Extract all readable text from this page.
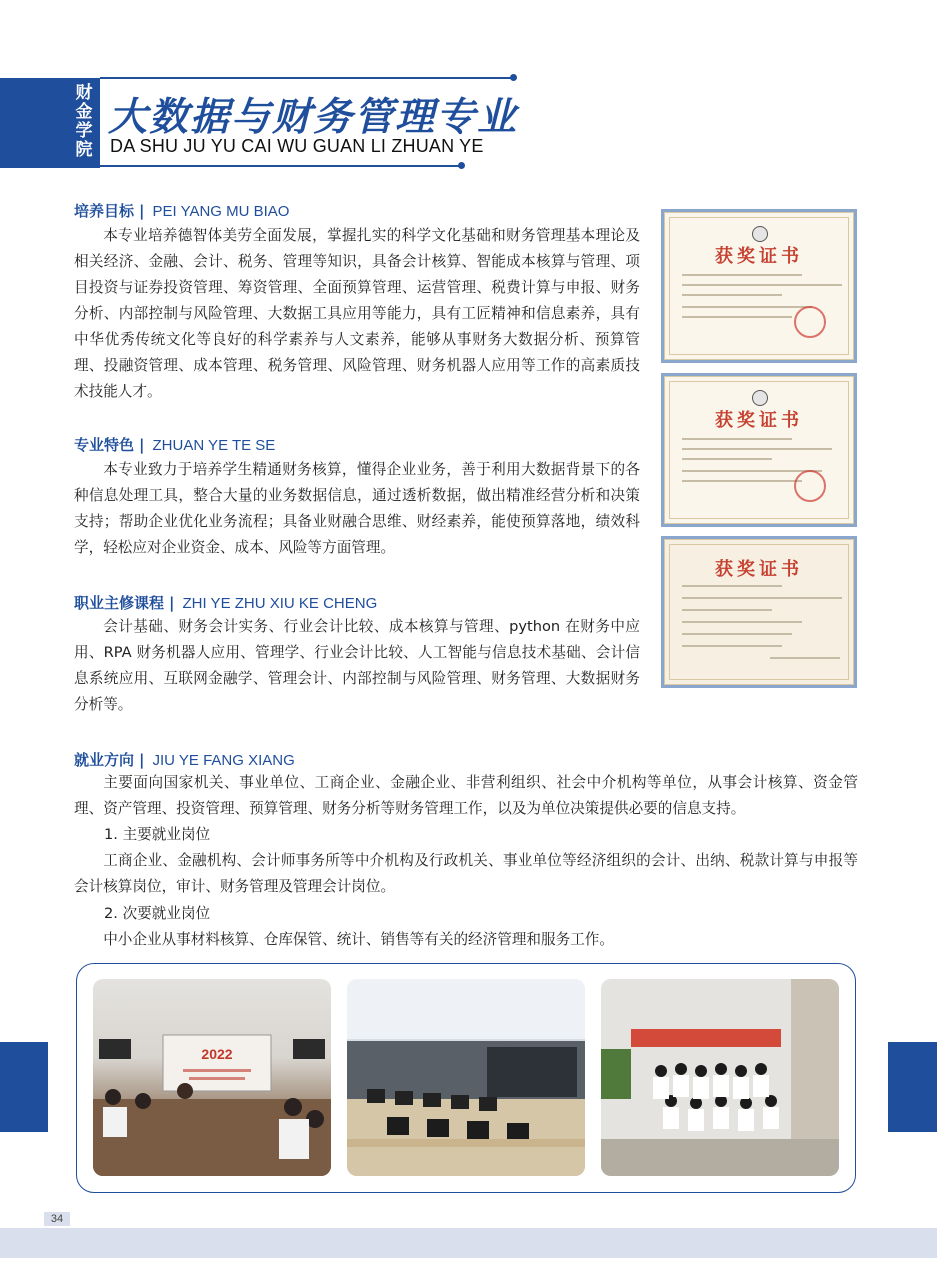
财金学院
大数据与财务管理专业
DA SHU JU YU CAI WU GUAN LI ZHUAN YE
培养目标 | PEI YANG MU BIAO
本专业培养德智体美劳全面发展，掌握扎实的科学文化基础和财务管理基本理论及相关经济、金融、会计、税务、管理等知识，具备会计核算、智能成本核算与管理、项目投资与证券投资管理、筹资管理、全面预算管理、运营管理、税费计算与申报、财务分析、内部控制与风险管理、大数据工具应用等能力，具有工匠精神和信息素养，具有中华优秀传统文化等良好的科学素养与人文素养，能够从事财务大数据分析、预算管理、投融资管理、成本管理、税务管理、风险管理、财务机器人应用等工作的高素质技术技能人才。
专业特色 | ZHUAN YE TE SE
本专业致力于培养学生精通财务核算，懂得企业业务，善于利用大数据背景下的各种信息处理工具，整合大量的业务数据信息，通过透析数据，做出精准经营分析和决策支持；帮助企业优化业务流程；具备业财融合思维、财经素养，能使预算落地，绩效科学，轻松应对企业资金、成本、风险等方面管理。
职业主修课程 | ZHI YE ZHU XIU KE CHENG
会计基础、财务会计实务、行业会计比较、成本核算与管理、python 在财务中应用、RPA 财务机器人应用、管理学、行业会计比较、人工智能与信息技术基础、会计信息系统应用、互联网金融学、管理会计、内部控制与风险管理、财务管理、大数据财务分析等。
获奖证书
获奖证书
获奖证书
就业方向 | JIU YE FANG XIANG
主要面向国家机关、事业单位、工商企业、金融企业、非营利组织、社会中介机构等单位，从事会计核算、资金管理、资产管理、投资管理、预算管理、财务分析等财务管理工作，以及为单位决策提供必要的信息支持。
1. 主要就业岗位
工商企业、金融机构、会计师事务所等中介机构及行政机关、事业单位等经济组织的会计、出纳、税款计算与申报等会计核算岗位，审计、财务管理及管理会计岗位。
2. 次要就业岗位
中小企业从事材料核算、仓库保管、统计、销售等有关的经济管理和服务工作。
2022
34
